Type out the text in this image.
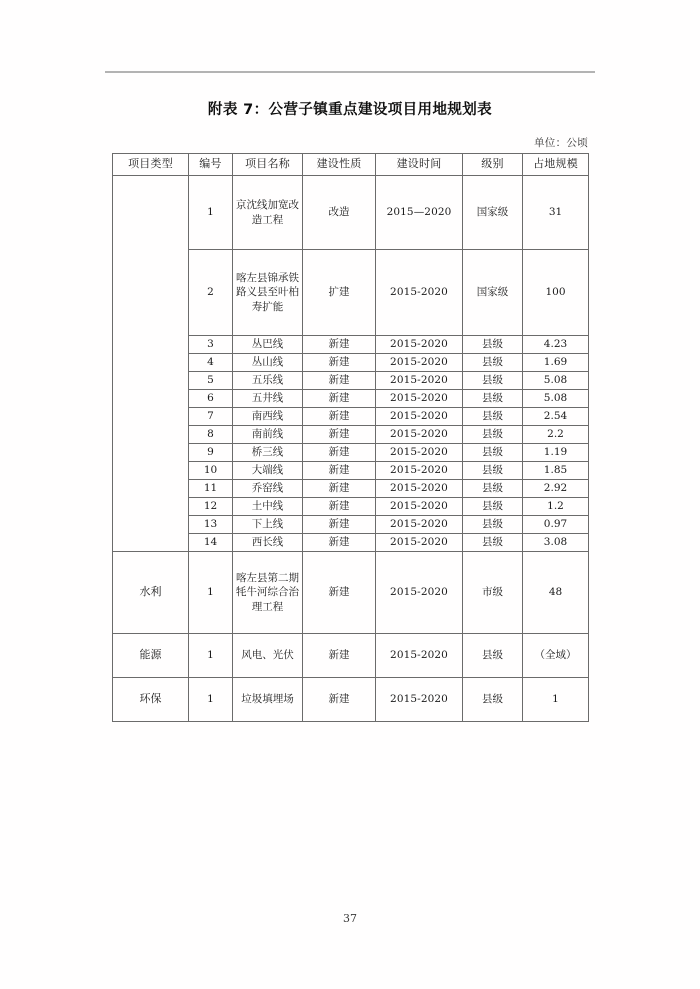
附表 7：公营子镇重点建设项目用地规划表
单位：公顷
项目类型	编号	项目名称	建设性质	建设时间	级别	占地规模
	1	京沈线加宽改造工程	改造	2015—2020	国家级	31
	2	喀左县锦承铁路义县至叶柏寿扩能	扩建	2015-2020	国家级	100
	3	丛巴线	新建	2015-2020	县级	4.23
	4	丛山线	新建	2015-2020	县级	1.69
	5	五乐线	新建	2015-2020	县级	5.08
	6	五井线	新建	2015-2020	县级	5.08
	7	南西线	新建	2015-2020	县级	2.54
	8	南前线	新建	2015-2020	县级	2.2
	9	桥三线	新建	2015-2020	县级	1.19
	10	大端线	新建	2015-2020	县级	1.85
	11	乔窑线	新建	2015-2020	县级	2.92
	12	土中线	新建	2015-2020	县级	1.2
	13	下上线	新建	2015-2020	县级	0.97
	14	西长线	新建	2015-2020	县级	3.08
水利	1	喀左县第二期牦牛河综合治理工程	新建	2015-2020	市级	48
能源	1	风电、光伏	新建	2015-2020	县级	（全域）
环保	1	垃圾填埋场	新建	2015-2020	县级	1
37
